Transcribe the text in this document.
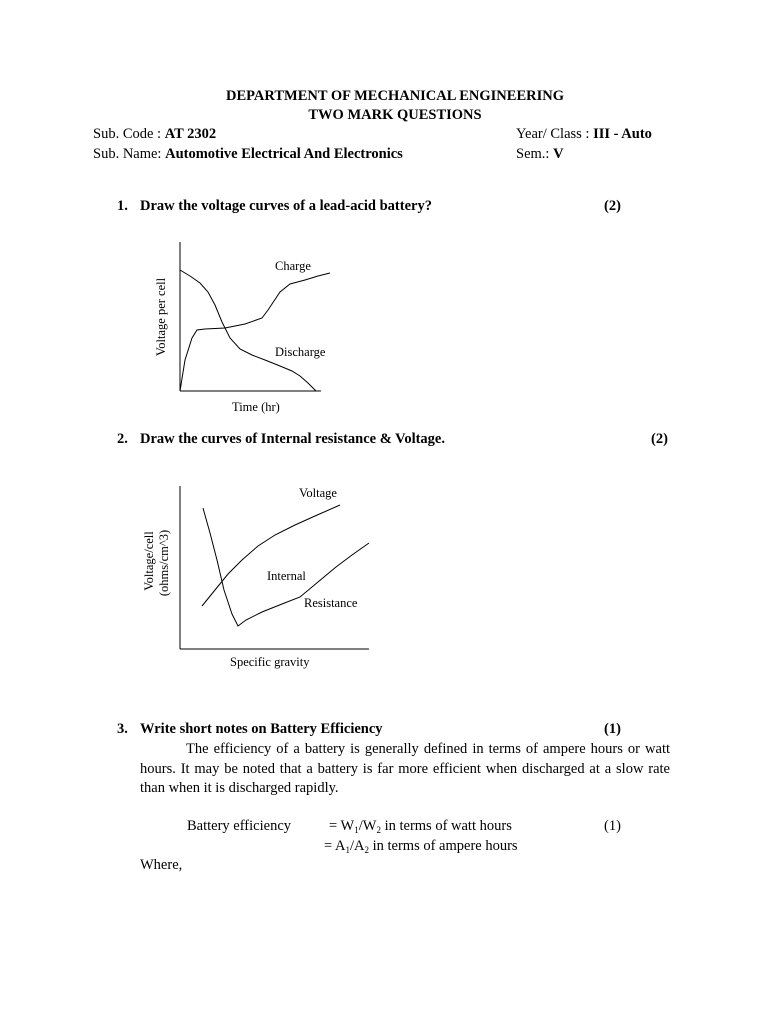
DEPARTMENT OF MECHANICAL ENGINEERING
TWO MARK QUESTIONS
Sub. Code : AT 2302	Year/ Class : III - Auto
Sub. Name: Automotive Electrical And Electronics	Sem.: V
1. Draw the voltage curves of a lead-acid battery?	(2)
Charge
Discharge
Time (hr)
Voltage per cell
2. Draw the curves of Internal resistance & Voltage.	(2)
Voltage
Internal
Resistance
Specific gravity
Voltage/cell (ohms/cm^3)
3. Write short notes on Battery Efficiency	(1)
The efficiency of a battery is generally defined in terms of ampere hours or watt hours. It may be noted that a battery is far more efficient when discharged at a slow rate than when it is discharged rapidly.
Battery efficiency	= $W_1/W_2$ in terms of watt hours	(1)
= $A_1/A_2$ in terms of ampere hours
Where,
